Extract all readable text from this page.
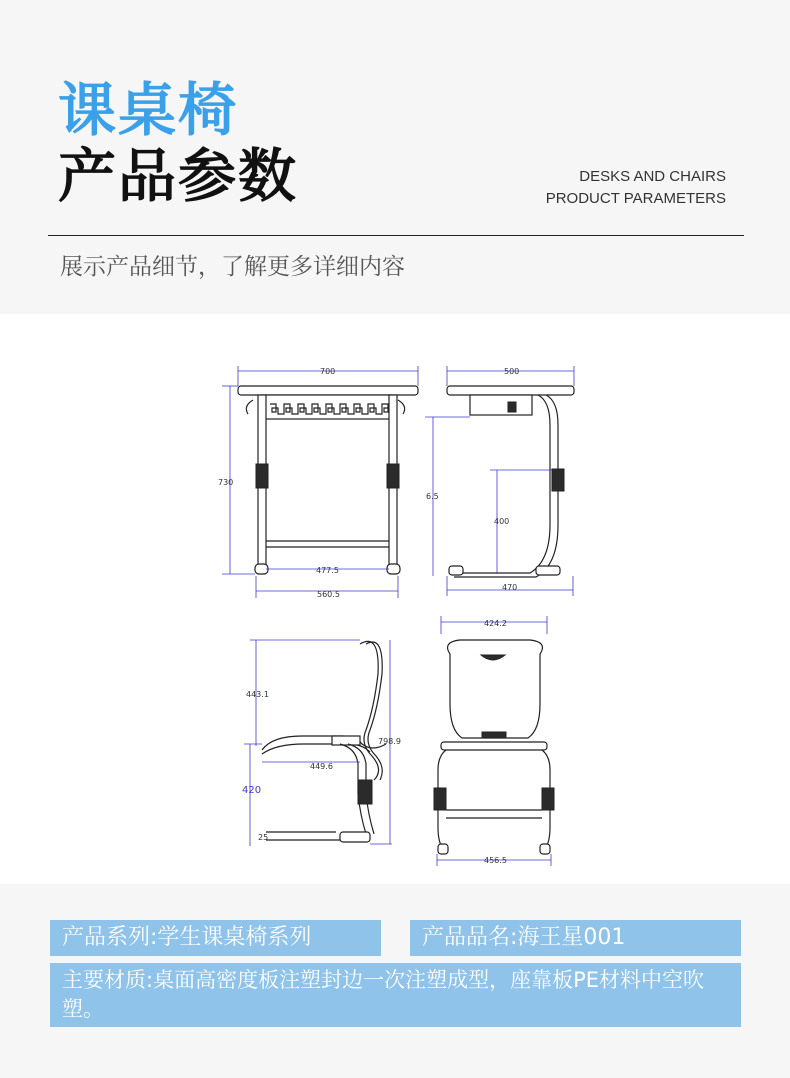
课桌椅
产品参数	DESKS AND CHAIRS
PRODUCT PARAMETERS
展示产品细节，了解更多详细内容
700
730
477.5
560.5
500
6.5
400
470
443.1
798.9
449.6
420
25
424.2
456.5
产品系列:学生课桌椅系列	产品品名:海王星001
主要材质:桌面高密度板注塑封边一次注塑成型，座靠板PE材料中空吹塑。
